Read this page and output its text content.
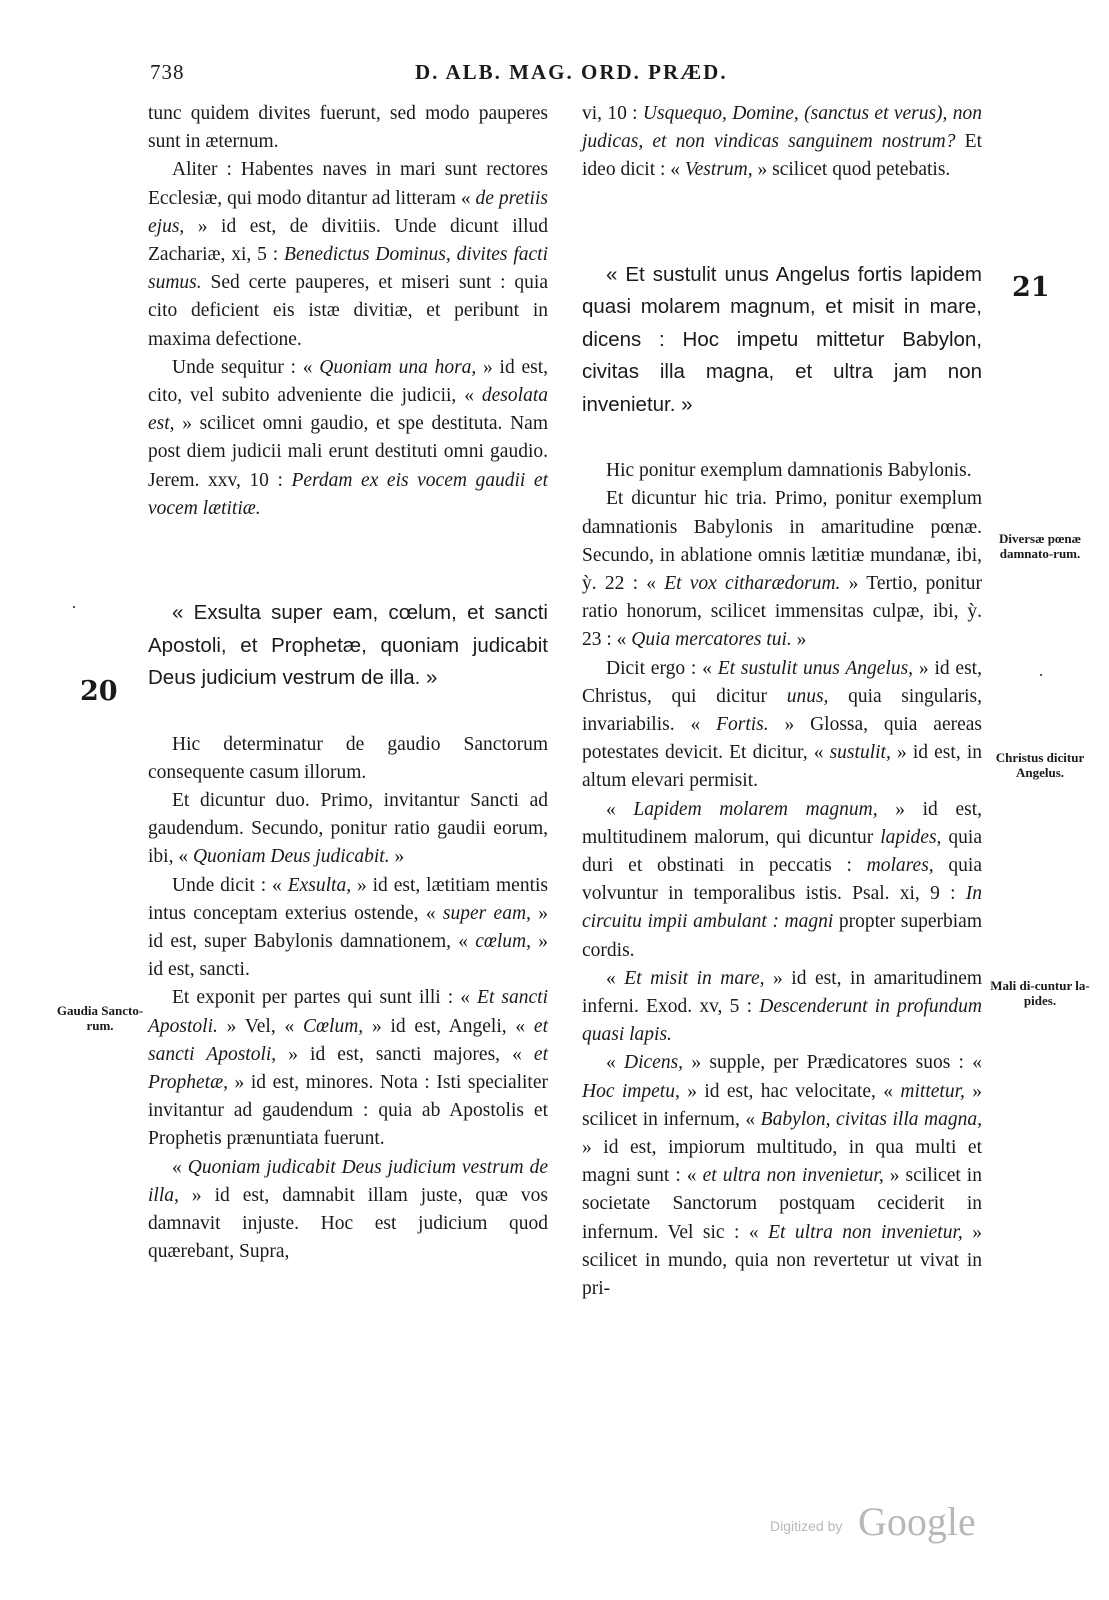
738	D. ALB. MAG. ORD. PRÆD.

tunc quidem divites fuerunt, sed modo pauperes sunt in æternum.

Aliter : Habentes naves in mari sunt rectores Ecclesiæ, qui modo ditantur ad litteram « de pretiis ejus, » id est, de divitiis. Unde dicunt illud Zachariæ, xi, 5 : Benedictus Dominus, divites facti sumus. Sed certe pauperes, et miseri sunt : quia cito deficient eis istæ divitiæ, et peribunt in maxima defectione.

Unde sequitur : « Quoniam una hora, » id est, cito, vel subito adveniente die judicii, « desolata est, » scilicet omni gaudio, et spe destituta. Nam post diem judicii mali erunt destituti omni gaudio. Jerem. xxv, 10 : Perdam ex eis vocem gaudii et vocem lætitiæ.

« Exsulta super eam, cœlum, et sancti Apostoli, et Prophetæ, quoniam judicabit Deus judicium vestrum de illa. »

Hic determinatur de gaudio Sanctorum consequente casum illorum.

Et dicuntur duo. Primo, invitantur Sancti ad gaudendum. Secundo, ponitur ratio gaudii eorum, ibi, « Quoniam Deus judicabit. »

Unde dicit : « Exsulta, » id est, lætitiam mentis intus conceptam exterius ostende, « super eam, » id est, super Babylonis damnationem, « cœlum, » id est, sancti.

Et exponit per partes qui sunt illi : « Et sancti Apostoli. » Vel, « Cœlum, » id est, Angeli, « et sancti Apostoli, » id est, sancti majores, « et Prophetæ, » id est, minores. Nota : Isti specialiter invitantur ad gaudendum : quia ab Apostolis et Prophetis prænuntiata fuerunt.

« Quoniam judicabit Deus judicium vestrum de illa, » id est, damnabit illam juste, quæ vos damnavit injuste. Hoc est judicium quod quærebant, Supra,

vi, 10 : Usquequo, Domine, (sanctus et verus), non judicas, et non vindicas sanguinem nostrum? Et ideo dicit : « Vestrum, » scilicet quod petebatis.

« Et sustulit unus Angelus fortis lapidem quasi molarem magnum, et misit in mare, dicens : Hoc impetu mittetur Babylon, civitas illa magna, et ultra jam non invenietur. »

Hic ponitur exemplum damnationis Babylonis.

Et dicuntur hic tria. Primo, ponitur exemplum damnationis Babylonis in amaritudine pœnæ. Secundo, in ablatione omnis lætitiæ mundanæ, ibi, ỳ. 22 : « Et vox citharædorum. » Tertio, ponitur ratio honorum, scilicet immensitas culpæ, ibi, ỳ. 23 : « Quia mercatores tui. »

Dicit ergo : « Et sustulit unus Angelus, » id est, Christus, qui dicitur unus, quia singularis, invariabilis. « Fortis. » Glossa, quia aereas potestates devicit. Et dicitur, « sustulit, » id est, in altum elevari permisit.

« Lapidem molarem magnum, » id est, multitudinem malorum, qui dicuntur lapides, quia duri et obstinati in peccatis : molares, quia volvuntur in temporalibus istis. Psal. xi, 9 : In circuitu impii ambulant : magni propter superbiam cordis.

« Et misit in mare, » id est, in amaritudinem inferni. Exod. xv, 5 : Descenderunt in profundum quasi lapis.

« Dicens, » supple, per Prædicatores suos : « Hoc impetu, » id est, hac velocitate, « mittetur, » scilicet in infernum, « Babylon, civitas illa magna, » id est, impiorum multitudo, in qua multi et magni sunt : « et ultra non invenietur, » scilicet in societate Sanctorum postquam ceciderit in infernum. Vel sic : « Et ultra non invenietur, » scilicet in mundo, quia non revertetur ut vivat in pri-

20
21
Gaudia Sancto-rum.
Diversæ pœnæ damnato-rum.
Christus dicitur Angelus.
Mali di-cuntur la-pides.
Digitized by Google
